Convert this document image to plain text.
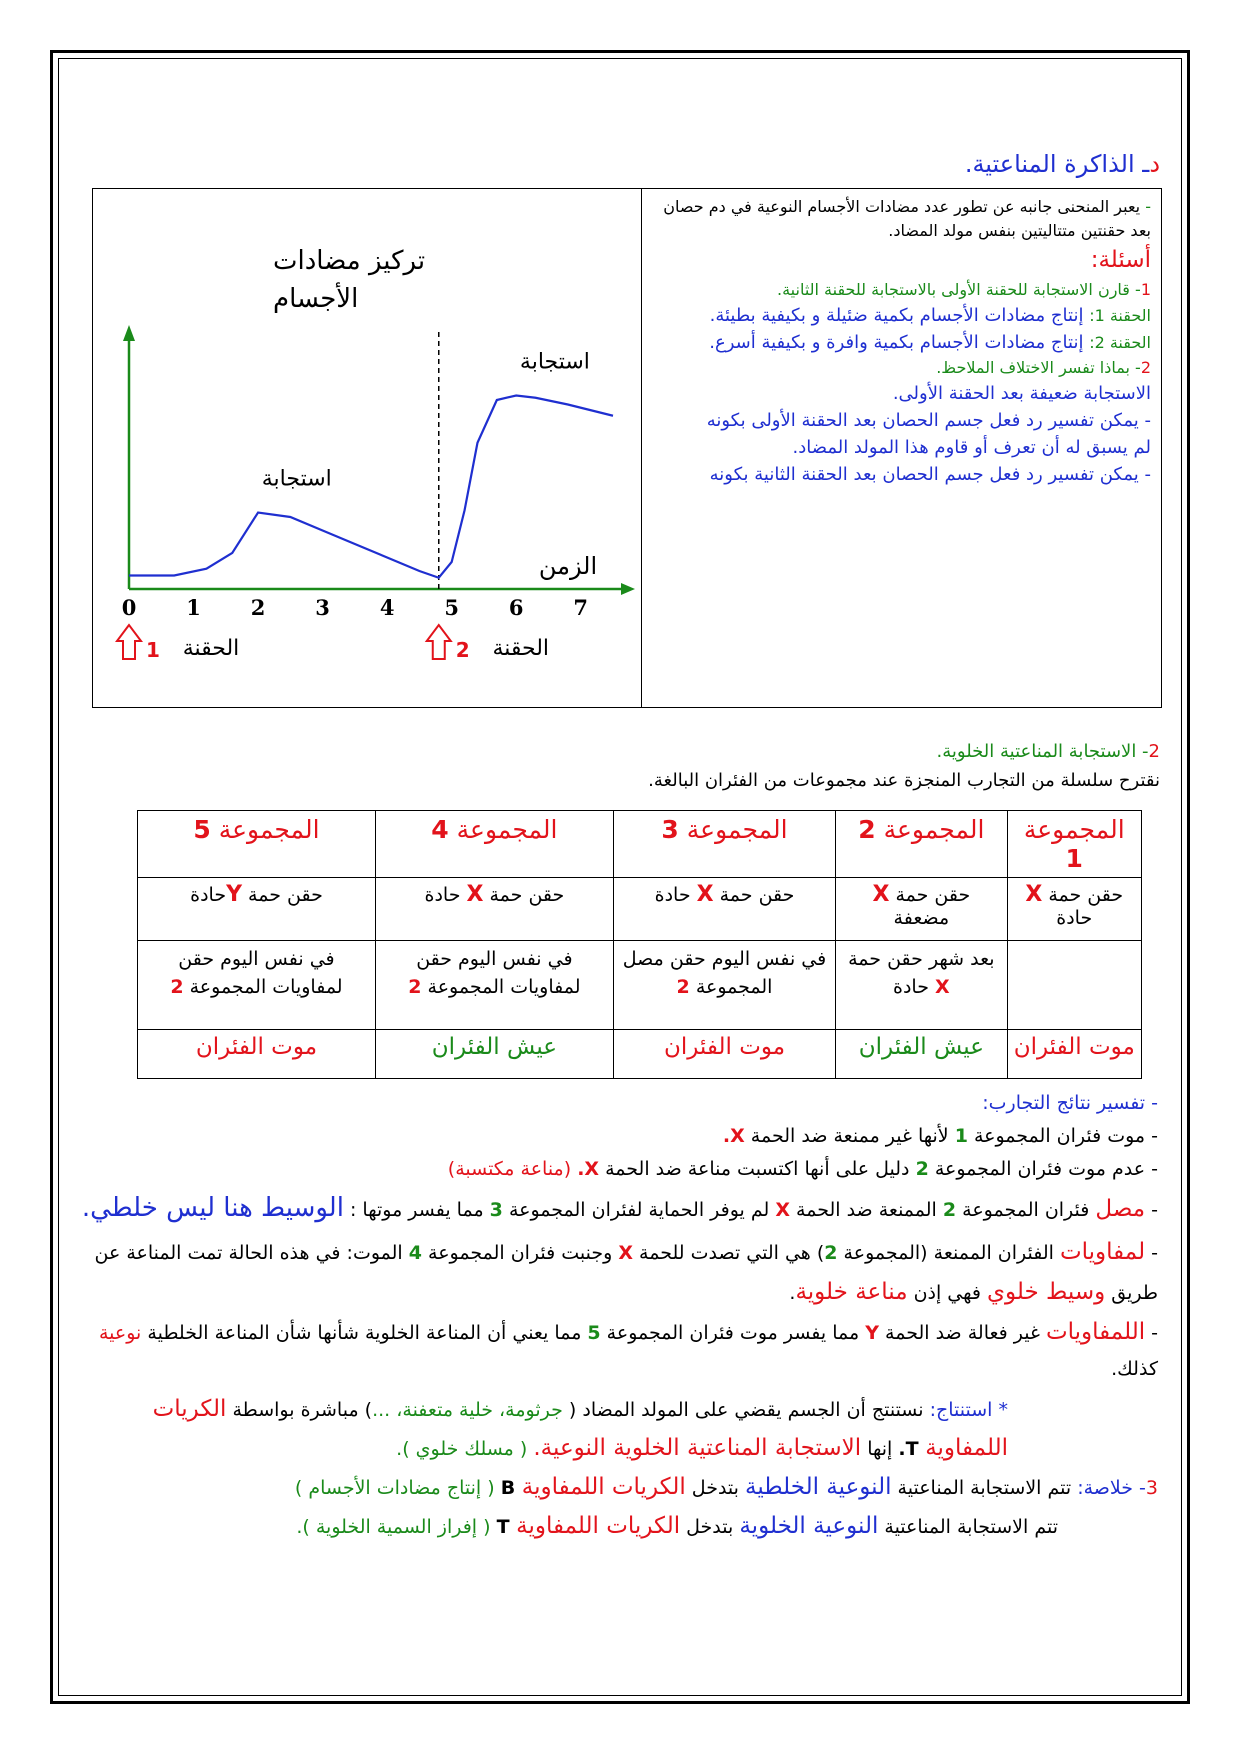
دـ الذاكرة المناعتية.

- يعبر المنحنى جانبه عن تطور عدد مضادات الأجسام النوعية في دم حصان بعد حقنتين متتاليتين بنفس مولد المضاد.

أسئلة:

1- قارن الاستجابة للحقنة الأولى بالاستجابة للحقنة الثانية.

الحقنة 1: إنتاج مضادات الأجسام بكمية ضئيلة و بكيفية بطيئة.

الحقنة 2: إنتاج مضادات الأجسام بكمية وافرة و بكيفية أسرع.

2- بماذا تفسر الاختلاف الملاحظ.

الاستجابة ضعيفة بعد الحقنة الأولى.

- يمكن تفسير رد فعل جسم الحصان بعد الحقنة الأولى بكونه

لم يسبق له أن تعرف أو قاوم هذا المولد المضاد.

- يمكن تفسير رد فعل جسم الحصان بعد الحقنة الثانية بكونه

تركيز مضادات
الأجسام
الزمن
0 1 2 3 4 5 6 7
استجابة
استجابة
1 الحقنة	2 الحقنة
2- الاستجابة المناعتية الخلوية.
نقترح سلسلة من التجارب المنجزة عند مجموعات من الفئران البالغة.
المجموعة 1	المجموعة 2	المجموعة 3	المجموعة 4	المجموعة 5
حقن حمة X حادة	حقن حمة X مضعفة	حقن حمة X حادة	حقن حمة X حادة	حقن حمة Yحادة
	بعد شهر حقن حمة X حادة	في نفس اليوم حقن مصل المجموعة 2	في نفس اليوم حقن لمفاويات المجموعة 2	في نفس اليوم حقن لمفاويات المجموعة 2
موت الفئران	عيش الفئران	موت الفئران	عيش الفئران	موت الفئران

- تفسير نتائج التجارب:

- موت فئران المجموعة 1 لأنها غير ممنعة ضد الحمة X.

- عدم موت فئران المجموعة 2 دليل على أنها اكتسبت مناعة ضد الحمة X. (مناعة مكتسبة)

- مصل فئران المجموعة 2 الممنعة ضد الحمة X لم يوفر الحماية لفئران المجموعة 3 مما يفسر موتها : الوسيط هنا ليس خلطي.

- لمفاويات الفئران الممنعة (المجموعة 2) هي التي تصدت للحمة X وجنبت فئران المجموعة 4 الموت: في هذه الحالة تمت المناعة عن طريق وسيط خلوي فهي إذن مناعة خلوية.

- اللمفاويات غير فعالة ضد الحمة Y مما يفسر موت فئران المجموعة 5 مما يعني أن المناعة الخلوية شأنها شأن المناعة الخلطية نوعية كذلك.

* استنتاج: نستنتج أن الجسم يقضي على المولد المضاد ( جرثومة، خلية متعفنة، ...) مباشرة بواسطة الكريات اللمفاوية T. إنها الاستجابة المناعتية الخلوية النوعية. ( مسلك خلوي ).

3- خلاصة: تتم الاستجابة المناعتية النوعية الخلطية بتدخل الكريات اللمفاوية B ( إنتاج مضادات الأجسام )

تتم الاستجابة المناعتية النوعية الخلوية بتدخل الكريات اللمفاوية T ( إفراز السمية الخلوية ).
